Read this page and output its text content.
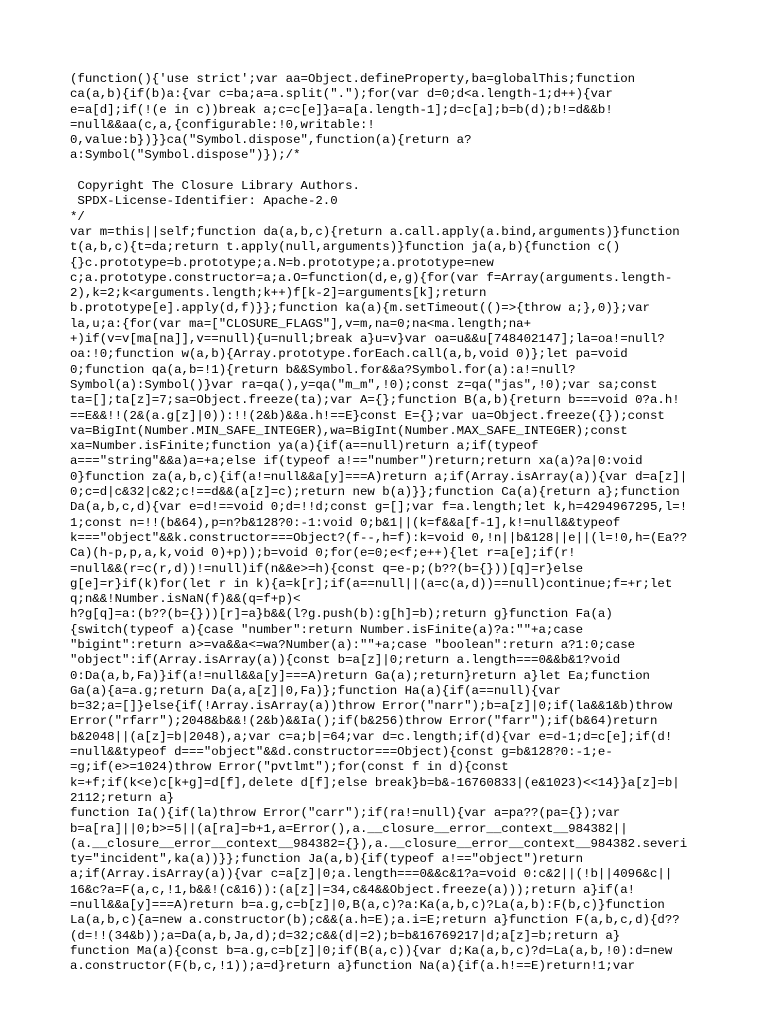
(function(){'use strict';var aa=Object.defineProperty,ba=globalThis;function
ca(a,b){if(b)a:{var c=ba;a=a.split(".");for(var d=0;d<a.length-1;d++){var
e=a[d];if(!(e in c))break a;c=c[e]}a=a[a.length-1];d=c[a];b=b(d);b!=d&&b!
=null&&aa(c,a,{configurable:!0,writable:!
0,value:b})}}ca("Symbol.dispose",function(a){return a?
a:Symbol("Symbol.dispose")});/*

Copyright The Closure Library Authors.
SPDX-License-Identifier: Apache-2.0
*/
var m=this||self;function da(a,b,c){return a.call.apply(a.bind,arguments)}function
t(a,b,c){t=da;return t.apply(null,arguments)}function ja(a,b){function c()
{}c.prototype=b.prototype;a.N=b.prototype;a.prototype=new
c;a.prototype.constructor=a;a.O=function(d,e,g){for(var f=Array(arguments.length-
2),k=2;k<arguments.length;k++)f[k-2]=arguments[k];return
b.prototype[e].apply(d,f)}};function ka(a){m.setTimeout(()=>{throw a;},0)};var
la,u;a:{for(var ma=["CLOSURE_FLAGS"],v=m,na=0;na<ma.length;na+
+)if(v=v[ma[na]],v==null){u=null;break a}u=v}var oa=u&&u[748402147];la=oa!=null?
oa:!0;function w(a,b){Array.prototype.forEach.call(a,b,void 0)};let pa=void
0;function qa(a,b=!1){return b&&Symbol.for&&a?Symbol.for(a):a!=null?
Symbol(a):Symbol()}var ra=qa(),y=qa("m_m",!0);const z=qa("jas",!0);var sa;const
ta=[];ta[z]=7;sa=Object.freeze(ta);var A={};function B(a,b){return b===void 0?a.h!
==E&&!!(2&(a.g[z]|0)):!!(2&b)&&a.h!==E}const E={};var ua=Object.freeze({});const
va=BigInt(Number.MIN_SAFE_INTEGER),wa=BigInt(Number.MAX_SAFE_INTEGER);const
xa=Number.isFinite;function ya(a){if(a==null)return a;if(typeof
a==="string"&&a)a=+a;else if(typeof a!=="number")return;return xa(a)?a|0:void
0}function za(a,b,c){if(a!=null&&a[y]===A)return a;if(Array.isArray(a)){var d=a[z]|
0;c=d|c&32|c&2;c!==d&&(a[z]=c);return new b(a)}};function Ca(a){return a};function
Da(a,b,c,d){var e=d!==void 0;d=!!d;const g=[];var f=a.length;let k,h=4294967295,l=!
1;const n=!!(b&64),p=n?b&128?0:-1:void 0;b&1||(k=f&&a[f-1],k!=null&&typeof
k==="object"&&k.constructor===Object?(f--,h=f):k=void 0,!n||b&128||e||(l=!0,h=(Ea??
Ca)(h-p,p,a,k,void 0)+p));b=void 0;for(e=0;e<f;e++){let r=a[e];if(r!
=null&&(r=c(r,d))!=null)if(n&&e>=h){const q=e-p;(b??(b={}))[q]=r}else
g[e]=r}if(k)for(let r in k){a=k[r];if(a==null||(a=c(a,d))==null)continue;f=+r;let
q;n&&!Number.isNaN(f)&&(q=f+p)<
h?g[q]=a:(b??(b={}))[r]=a}b&&(l?g.push(b):g[h]=b);return g}function Fa(a)
{switch(typeof a){case "number":return Number.isFinite(a)?a:""+a;case
"bigint":return a>=va&&a<=wa?Number(a):""+a;case "boolean":return a?1:0;case
"object":if(Array.isArray(a)){const b=a[z]|0;return a.length===0&&b&1?void
0:Da(a,b,Fa)}if(a!=null&&a[y]===A)return Ga(a);return}return a}let Ea;function
Ga(a){a=a.g;return Da(a,a[z]|0,Fa)};function Ha(a){if(a==null){var
b=32;a=[]}else{if(!Array.isArray(a))throw Error("narr");b=a[z]|0;if(la&&1&b)throw
Error("rfarr");2048&b&&!(2&b)&&Ia();if(b&256)throw Error("farr");if(b&64)return
b&2048||(a[z]=b|2048),a;var c=a;b|=64;var d=c.length;if(d){var e=d-1;d=c[e];if(d!
=null&&typeof d==="object"&&d.constructor===Object){const g=b&128?0:-1;e-
=g;if(e>=1024)throw Error("pvtlmt");for(const f in d){const
k=+f;if(k<e)c[k+g]=d[f],delete d[f];else break}b=b&-16760833|(e&1023)<<14}}a[z]=b|
2112;return a}
function Ia(){if(la)throw Error("carr");if(ra!=null){var a=pa??(pa={});var
b=a[ra]||0;b>=5||(a[ra]=b+1,a=Error(),a.__closure__error__context__984382||
(a.__closure__error__context__984382={}),a.__closure__error__context__984382.severi
ty="incident",ka(a))}};function Ja(a,b){if(typeof a!=="object")return
a;if(Array.isArray(a)){var c=a[z]|0;a.length===0&&c&1?a=void 0:c&2||(!b||4096&c||
16&c?a=F(a,c,!1,b&&!(c&16)):(a[z]|=34,c&4&&Object.freeze(a)));return a}if(a!
=null&&a[y]===A)return b=a.g,c=b[z]|0,B(a,c)?a:Ka(a,b,c)?La(a,b):F(b,c)}function
La(a,b,c){a=new a.constructor(b);c&&(a.h=E);a.i=E;return a}function F(a,b,c,d){d??
(d=!!(34&b));a=Da(a,b,Ja,d);d=32;c&&(d|=2);b=b&16769217|d;a[z]=b;return a}
function Ma(a){const b=a.g,c=b[z]|0;if(B(a,c)){var d;Ka(a,b,c)?d=La(a,b,!0):d=new
a.constructor(F(b,c,!1));a=d}return a}function Na(a){if(a.h!==E)return!1;var
